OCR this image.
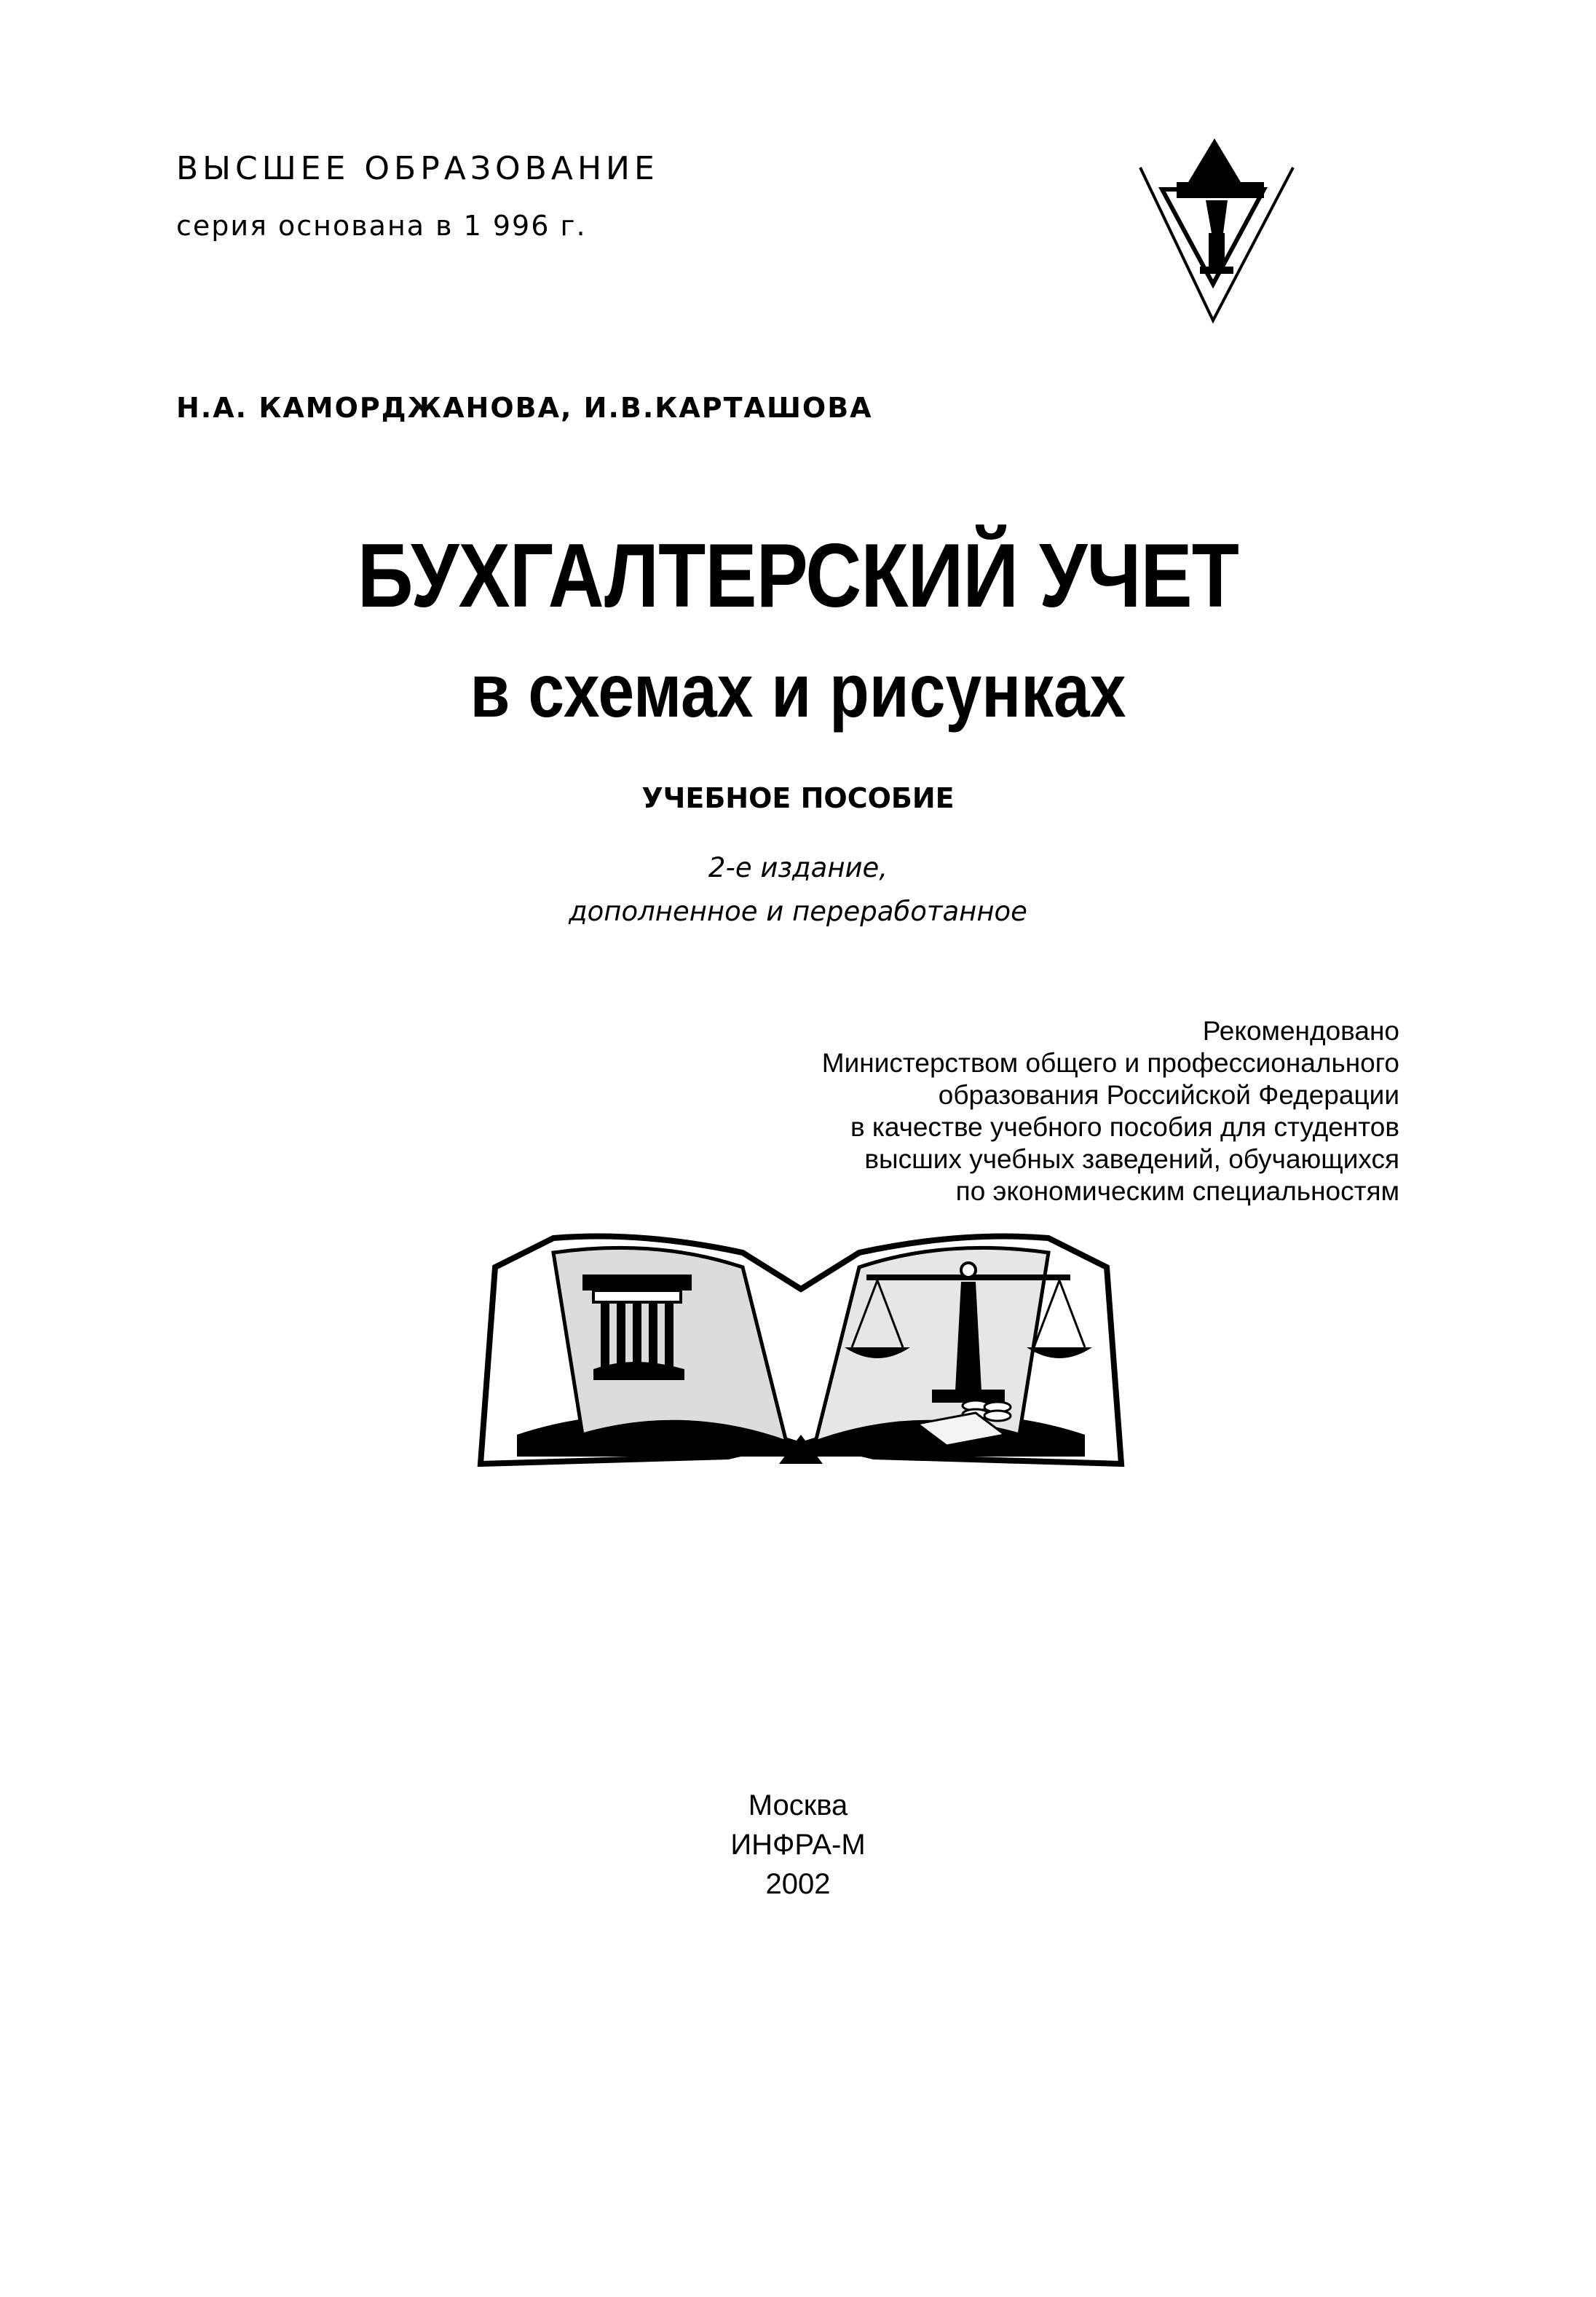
ВЫСШЕЕ ОБРАЗОВАНИЕ
серия основана в 1 996 г.
Н.А. КАМОРДЖАНОВА, И.В.КАРТАШОВА
БУХГАЛТЕРСКИЙ УЧЕТ
в схемах и рисунках
УЧЕБНОЕ ПОСОБИЕ
2-е издание,
дополненное и переработанное
Рекомендовано
Министерством общего и профессионального
образования Российской Федерации
в качестве учебного пособия для студентов
высших учебных заведений, обучающихся
по экономическим специальностям
Москва
ИНФРА-М
2002
